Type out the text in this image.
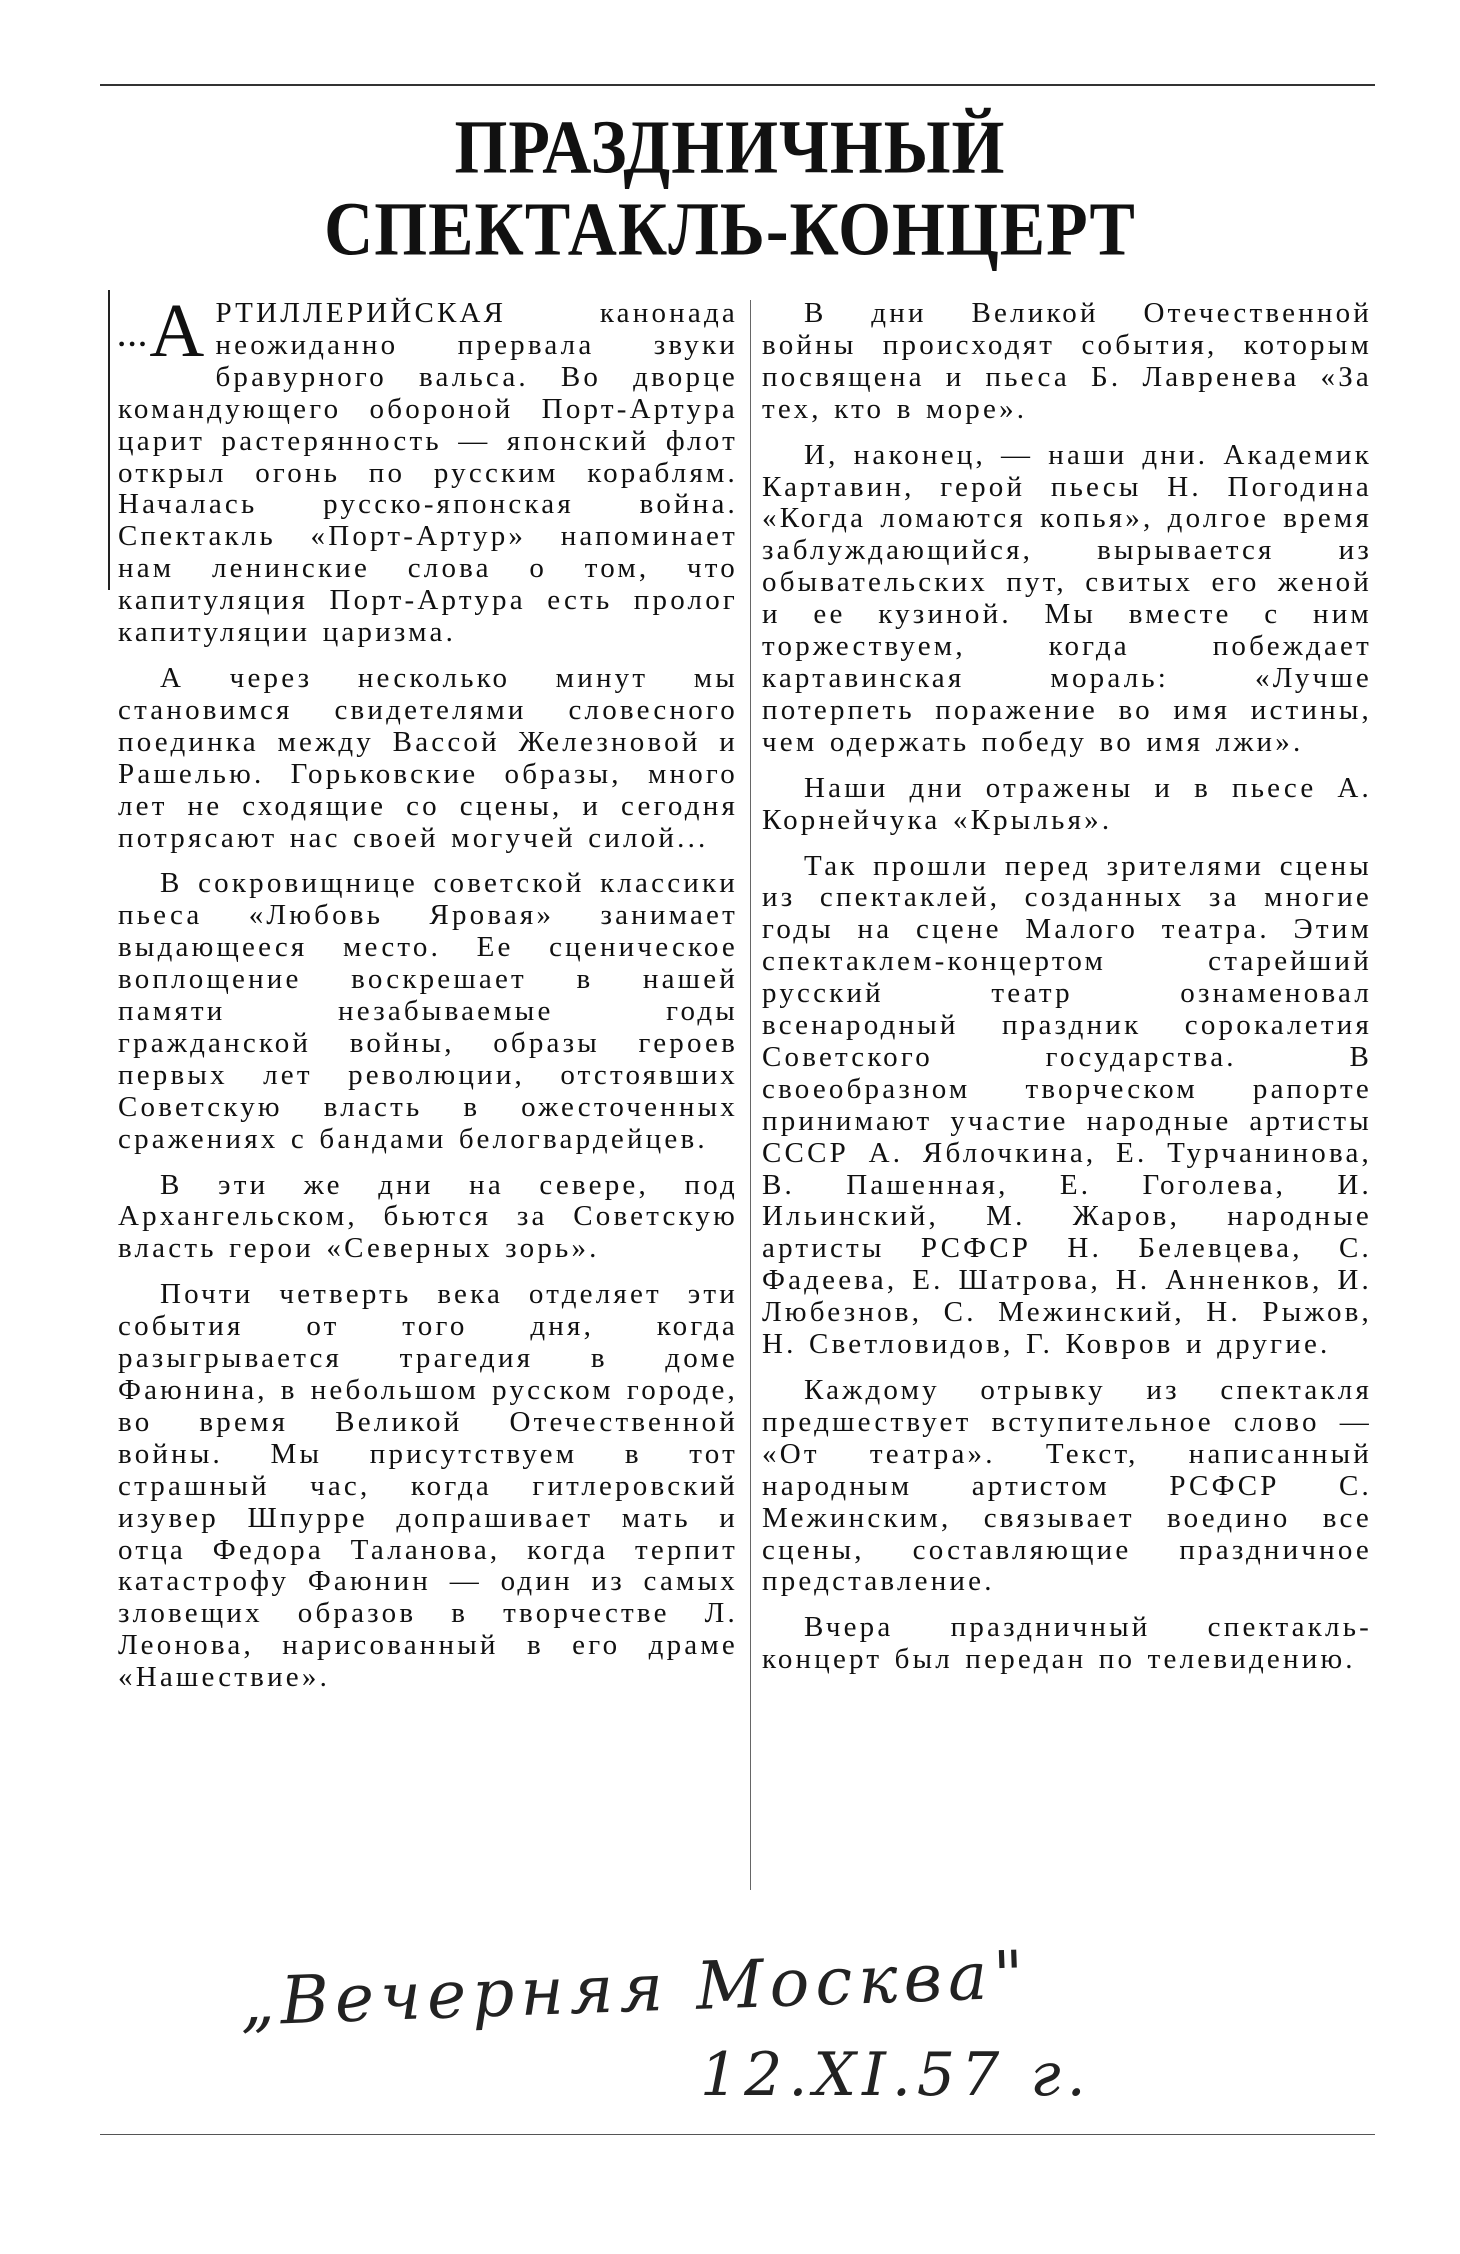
ПРАЗДНИЧНЫЙ
СПЕКТАКЛЬ-КОНЦЕРТ

... А РТИЛЛЕРИЙСКАЯ канонада неожиданно прервала звуки бравурного вальса. Во дворце командующего обороной Порт-Артура царит растерянность — японский флот открыл огонь по русским кораблям. Началась русско-японская война. Спектакль «Порт-Артур» напоминает нам ленинские слова о том, что капитуляция Порт-Артура есть пролог капитуляции царизма.

А через несколько минут мы становимся свидетелями словесного поединка между Вассой Железновой и Рашелью. Горьковские образы, много лет не сходящие со сцены, и сегодня потрясают нас своей могучей силой...

В сокровищнице советской классики пьеса «Любовь Яровая» занимает выдающееся место. Ее сценическое воплощение воскрешает в нашей памяти незабываемые годы гражданской войны, образы героев первых лет революции, отстоявших Советскую власть в ожесточенных сражениях с бандами белогвардейцев.

В эти же дни на севере, под Архангельском, бьются за Советскую власть герои «Северных зорь».

Почти четверть века отделяет эти события от того дня, когда разыгрывается трагедия в доме Фаюнина, в небольшом русском городе, во время Великой Отечественной войны. Мы присутствуем в тот страшный час, когда гитлеровский изувер Шпурре допрашивает мать и отца Федора Таланова, когда терпит катастрофу Фаюнин — один из самых зловещих образов в творчестве Л. Леонова, нарисованный в его драме «Нашествие».

В дни Великой Отечественной войны происходят события, которым посвящена и пьеса Б. Лавренева «За тех, кто в море».

И, наконец, — наши дни. Академик Картавин, герой пьесы Н. Погодина «Когда ломаются копья», долгое время заблуждающийся, вырывается из обывательских пут, свитых его женой и ее кузиной. Мы вместе с ним торжествуем, когда побеждает картавинская мораль: «Лучше потерпеть поражение во имя истины, чем одержать победу во имя лжи».

Наши дни отражены и в пьесе А. Корнейчука «Крылья».

Так прошли перед зрителями сцены из спектаклей, созданных за многие годы на сцене Малого театра. Этим спектаклем-концертом старейший русский театр ознаменовал всенародный праздник сорокалетия Советского государства. В своеобразном творческом рапорте принимают участие народные артисты СССР А. Яблочкина, Е. Турчанинова, В. Пашенная, Е. Гоголева, И. Ильинский, М. Жаров, народные артисты РСФСР Н. Белевцева, С. Фадеева, Е. Шатрова, Н. Анненков, И. Любезнов, С. Межинский, Н. Рыжов, Н. Светловидов, Г. Ковров и другие.

Каждому отрывку из спектакля предшествует вступительное слово — «От театра». Текст, написанный народным артистом РСФСР С. Межинским, связывает воедино все сцены, составляющие праздничное представление.

Вчера праздничный спектакль-концерт был передан по телевидению.

„Вечерняя Москва"
12.XI.57 г.
